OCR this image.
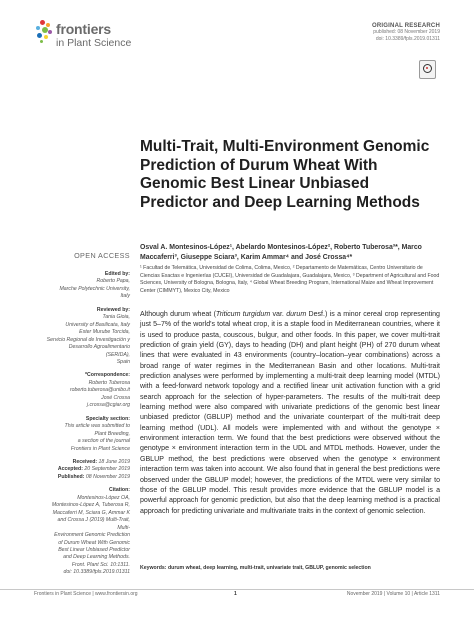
frontiers
in Plant Science
ORIGINAL RESEARCH
published: 08 November 2019
doi: 10.3389/fpls.2019.01311
Multi-Trait, Multi-Environment Genomic Prediction of Durum Wheat With Genomic Best Linear Unbiased Predictor and Deep Learning Methods
OPEN ACCESS
Edited by:
Roberto Papa,
Marche Polytechnic University,
Italy
Reviewed by:
Tania Gioia,
University of Basilicata, Italy
Ester Murube Torcida,
Servicio Regional de Investigación y
Desarrollo Agroalimentario (SERIDA),
Spain
*Correspondence:
Roberto Tuberosa
roberto.tuberosa@unibo.it
José Crossa
j.crossa@cgiar.org
Specialty section:
This article was submitted to
Plant Breeding,
a section of the journal
Frontiers in Plant Science
Received: 18 June 2019
Accepted: 20 September 2019
Published: 08 November 2019
Citation:
Montesinos-López OA,
Montesinos-López A, Tuberosa R,
Maccaferri M, Sciara G, Ammar K
and Crossa J (2019) Multi-Trait, Multi-
Environment Genomic Prediction
of Durum Wheat With Genomic
Best Linear Unbiased Predictor
and Deep Learning Methods.
Front. Plant Sci. 10:1311.
doi: 10.3389/fpls.2019.01311

Osval A. Montesinos-López¹, Abelardo Montesinos-López², Roberto Tuberosa³*, Marco Maccaferri³, Giuseppe Sciara³, Karim Ammar⁴ and José Crossa⁴*

¹ Facultad de Telemática, Universidad de Colima, Colima, Mexico, ² Departamento de Matemáticas, Centro Universitario de Ciencias Exactas e Ingenierías (CUCEI), Universidad de Guadalajara, Guadalajara, Mexico, ³ Department of Agricultural and Food Sciences, University of Bologna, Bologna, Italy, ⁴ Global Wheat Breeding Program, International Maize and Wheat Improvement Center (CIMMYT), Mexico City, Mexico

Although durum wheat (Triticum turgidum var. durum Desf.) is a minor cereal crop representing just 5–7% of the world's total wheat crop, it is a staple food in Mediterranean countries, where it is used to produce pasta, couscous, bulgur, and other foods. In this paper, we cover multi-trait prediction of grain yield (GY), days to heading (DH) and plant height (PH) of 270 durum wheat lines that were evaluated in 43 environments (country–location–year combinations) across a broad range of water regimes in the Mediterranean Basin and other locations. Multi-trait prediction analyses were performed by implementing a multi-trait deep learning model (MTDL) with a feed-forward network topology and a rectified linear unit activation function with a grid search approach for the selection of hyper-parameters. The results of the multi-trait deep learning method were also compared with univariate predictions of the genomic best linear unbiased predictor (GBLUP) method and the univariate counterpart of the multi-trait deep learning method (UDL). All models were implemented with and without the genotype × environment interaction term. We found that the best predictions were observed without the genotype × environment interaction term in the UDL and MTDL methods. However, under the GBLUP method, the best predictions were observed when the genotype × environment interaction term was taken into account. We also found that in general the best predictions were observed under the GBLUP model; however, the predictions of the MTDL were very similar to those of the GBLUP model. This result provides more evidence that the GBLUP model is a powerful approach for genomic prediction, but also that the deep learning method is a practical approach for predicting univariate and multivariate traits in the context of genomic selection.

Keywords: durum wheat, deep learning, multi-trait, univariate trait, GBLUP, genomic selection
Frontiers in Plant Science | www.frontiersin.org	1	November 2019 | Volume 10 | Article 1311
